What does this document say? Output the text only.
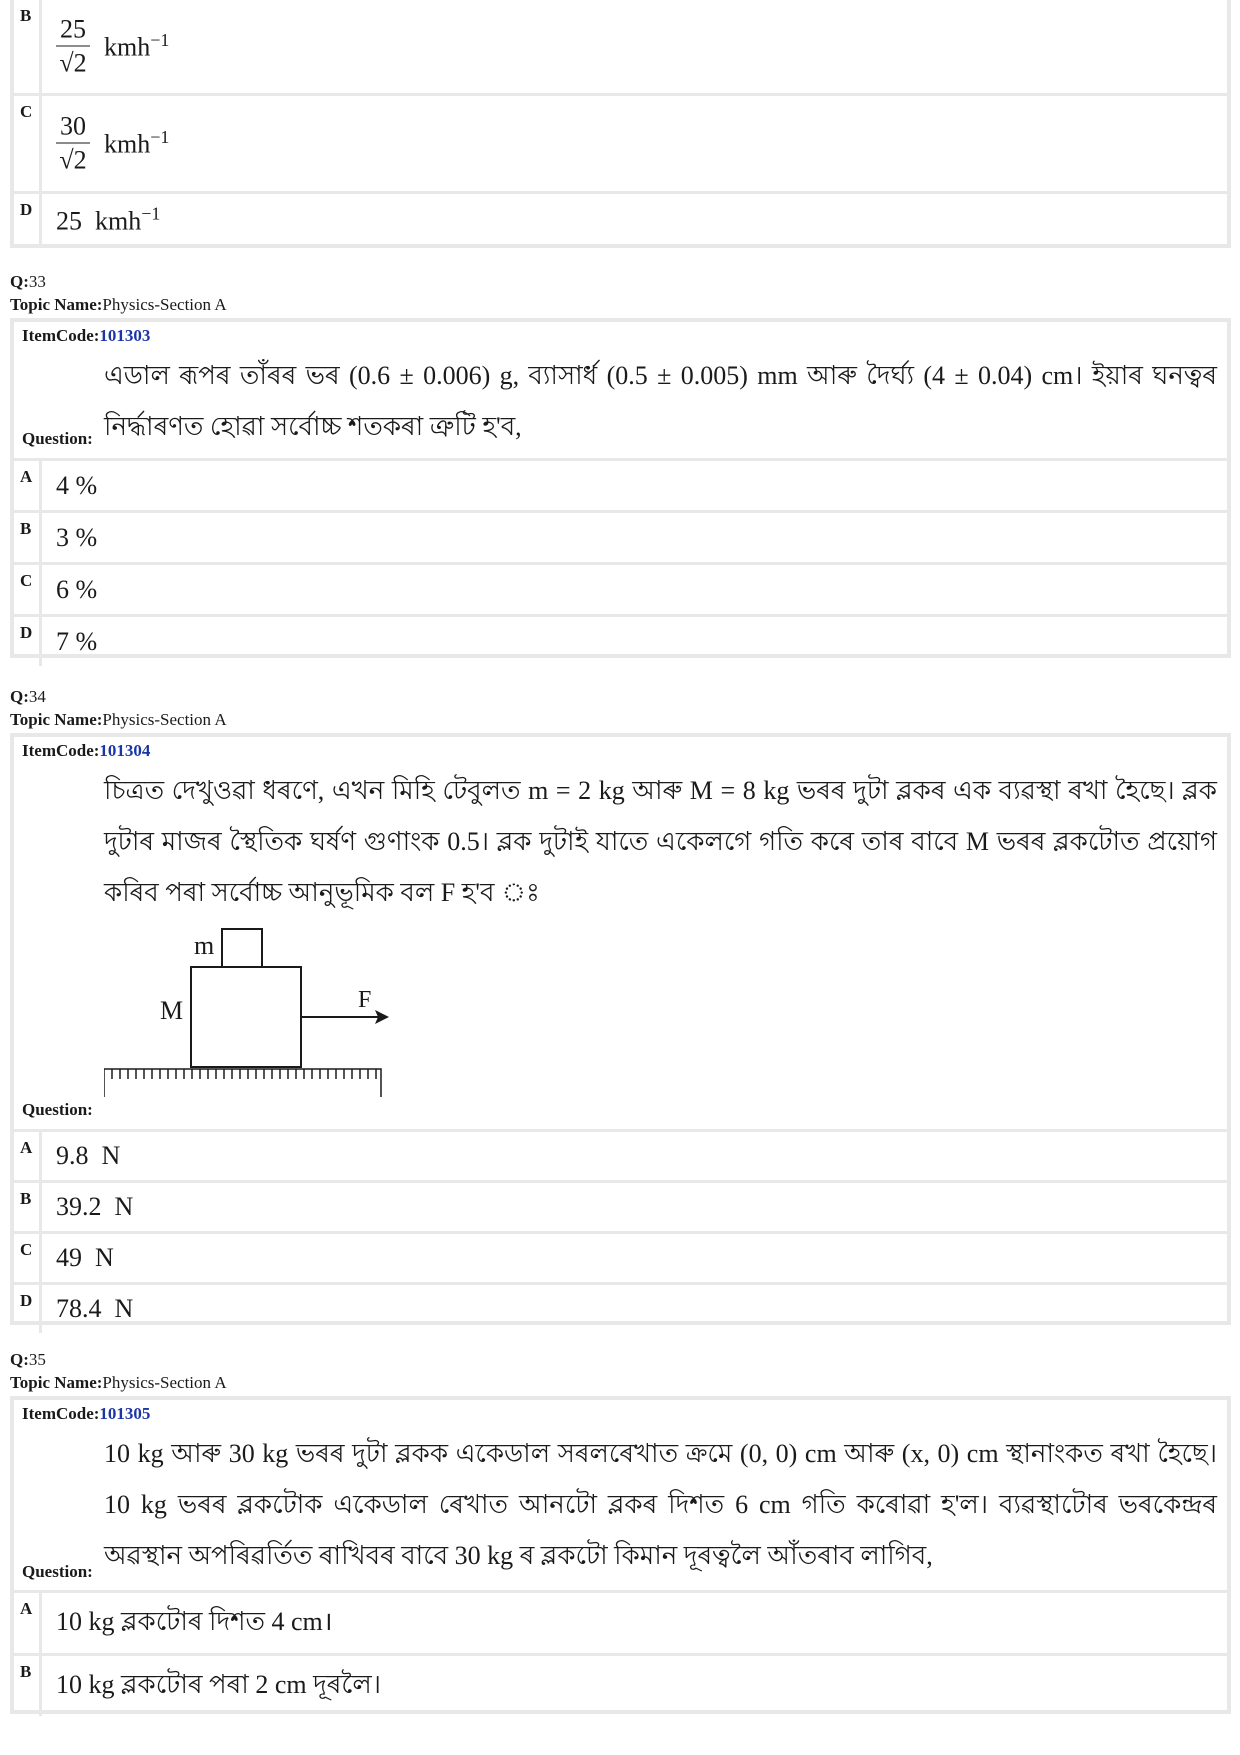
B $\frac{25}{√2} kmh^{-1}$
C $\frac{30}{√2} kmh^{-1}$
D 25  kmh$^{-1}$
Q:33
Topic Name:Physics-Section A
ItemCode:101303
এডাল ৰূপৰ তাঁৰৰ ভৰ (0.6 ± 0.006) g, ব্যাসাৰ্ধ (0.5 ± 0.005) mm আৰু দৈৰ্ঘ্য (4 ± 0.04) cm। ইয়াৰ ঘনত্বৰ নিৰ্দ্ধাৰণত হোৱা সৰ্বোচ্চ শতকৰা ত্ৰুটি হ'ব,
Question:
A 4 %
B 3 %
C 6 %
D 7 %
Q:34
Topic Name:Physics-Section A
ItemCode:101304
চিত্ৰত দেখুওৱা ধৰণে, এখন মিহি টেবুলত m = 2 kg আৰু M = 8 kg ভৰৰ দুটা ব্লকৰ এক ব্যৱস্থা ৰখা হৈছে। ব্লক দুটাৰ মাজৰ স্থৈতিক ঘৰ্ষণ গুণাংক 0.5। ব্লক দুটাই যাতে একেলগে গতি কৰে তাৰ বাবে M ভৰৰ ব্লকটোত প্ৰয়োগ কৰিব পৰা সৰ্বোচ্চ আনুভূমিক বল F হ'ব ঃ
m
M	F
Question:
A 9.8  N
B 39.2  N
C 49  N
D 78.4  N
Q:35
Topic Name:Physics-Section A
ItemCode:101305
10 kg আৰু 30 kg ভৰৰ দুটা ব্লকক একেডাল সৰলৰেখাত ক্ৰমে (0, 0) cm আৰু (x, 0) cm স্থানাংকত ৰখা হৈছে। 10 kg ভৰৰ ব্লকটোক একেডাল ৰেখাত আনটো ব্লকৰ দিশত 6 cm গতি কৰোৱা হ'ল। ব্যৱস্থাটোৰ ভৰকেন্দ্ৰৰ অৱস্থান অপৰিৱৰ্তিত ৰাখিবৰ বাবে 30 kg ৰ ব্লকটো কিমান দূৰত্বলৈ আঁতৰাব লাগিব,
Question:
A 10 kg ব্লকটোৰ দিশত 4 cm।
B 10 kg ব্লকটোৰ পৰা 2 cm দূৰলৈ।
